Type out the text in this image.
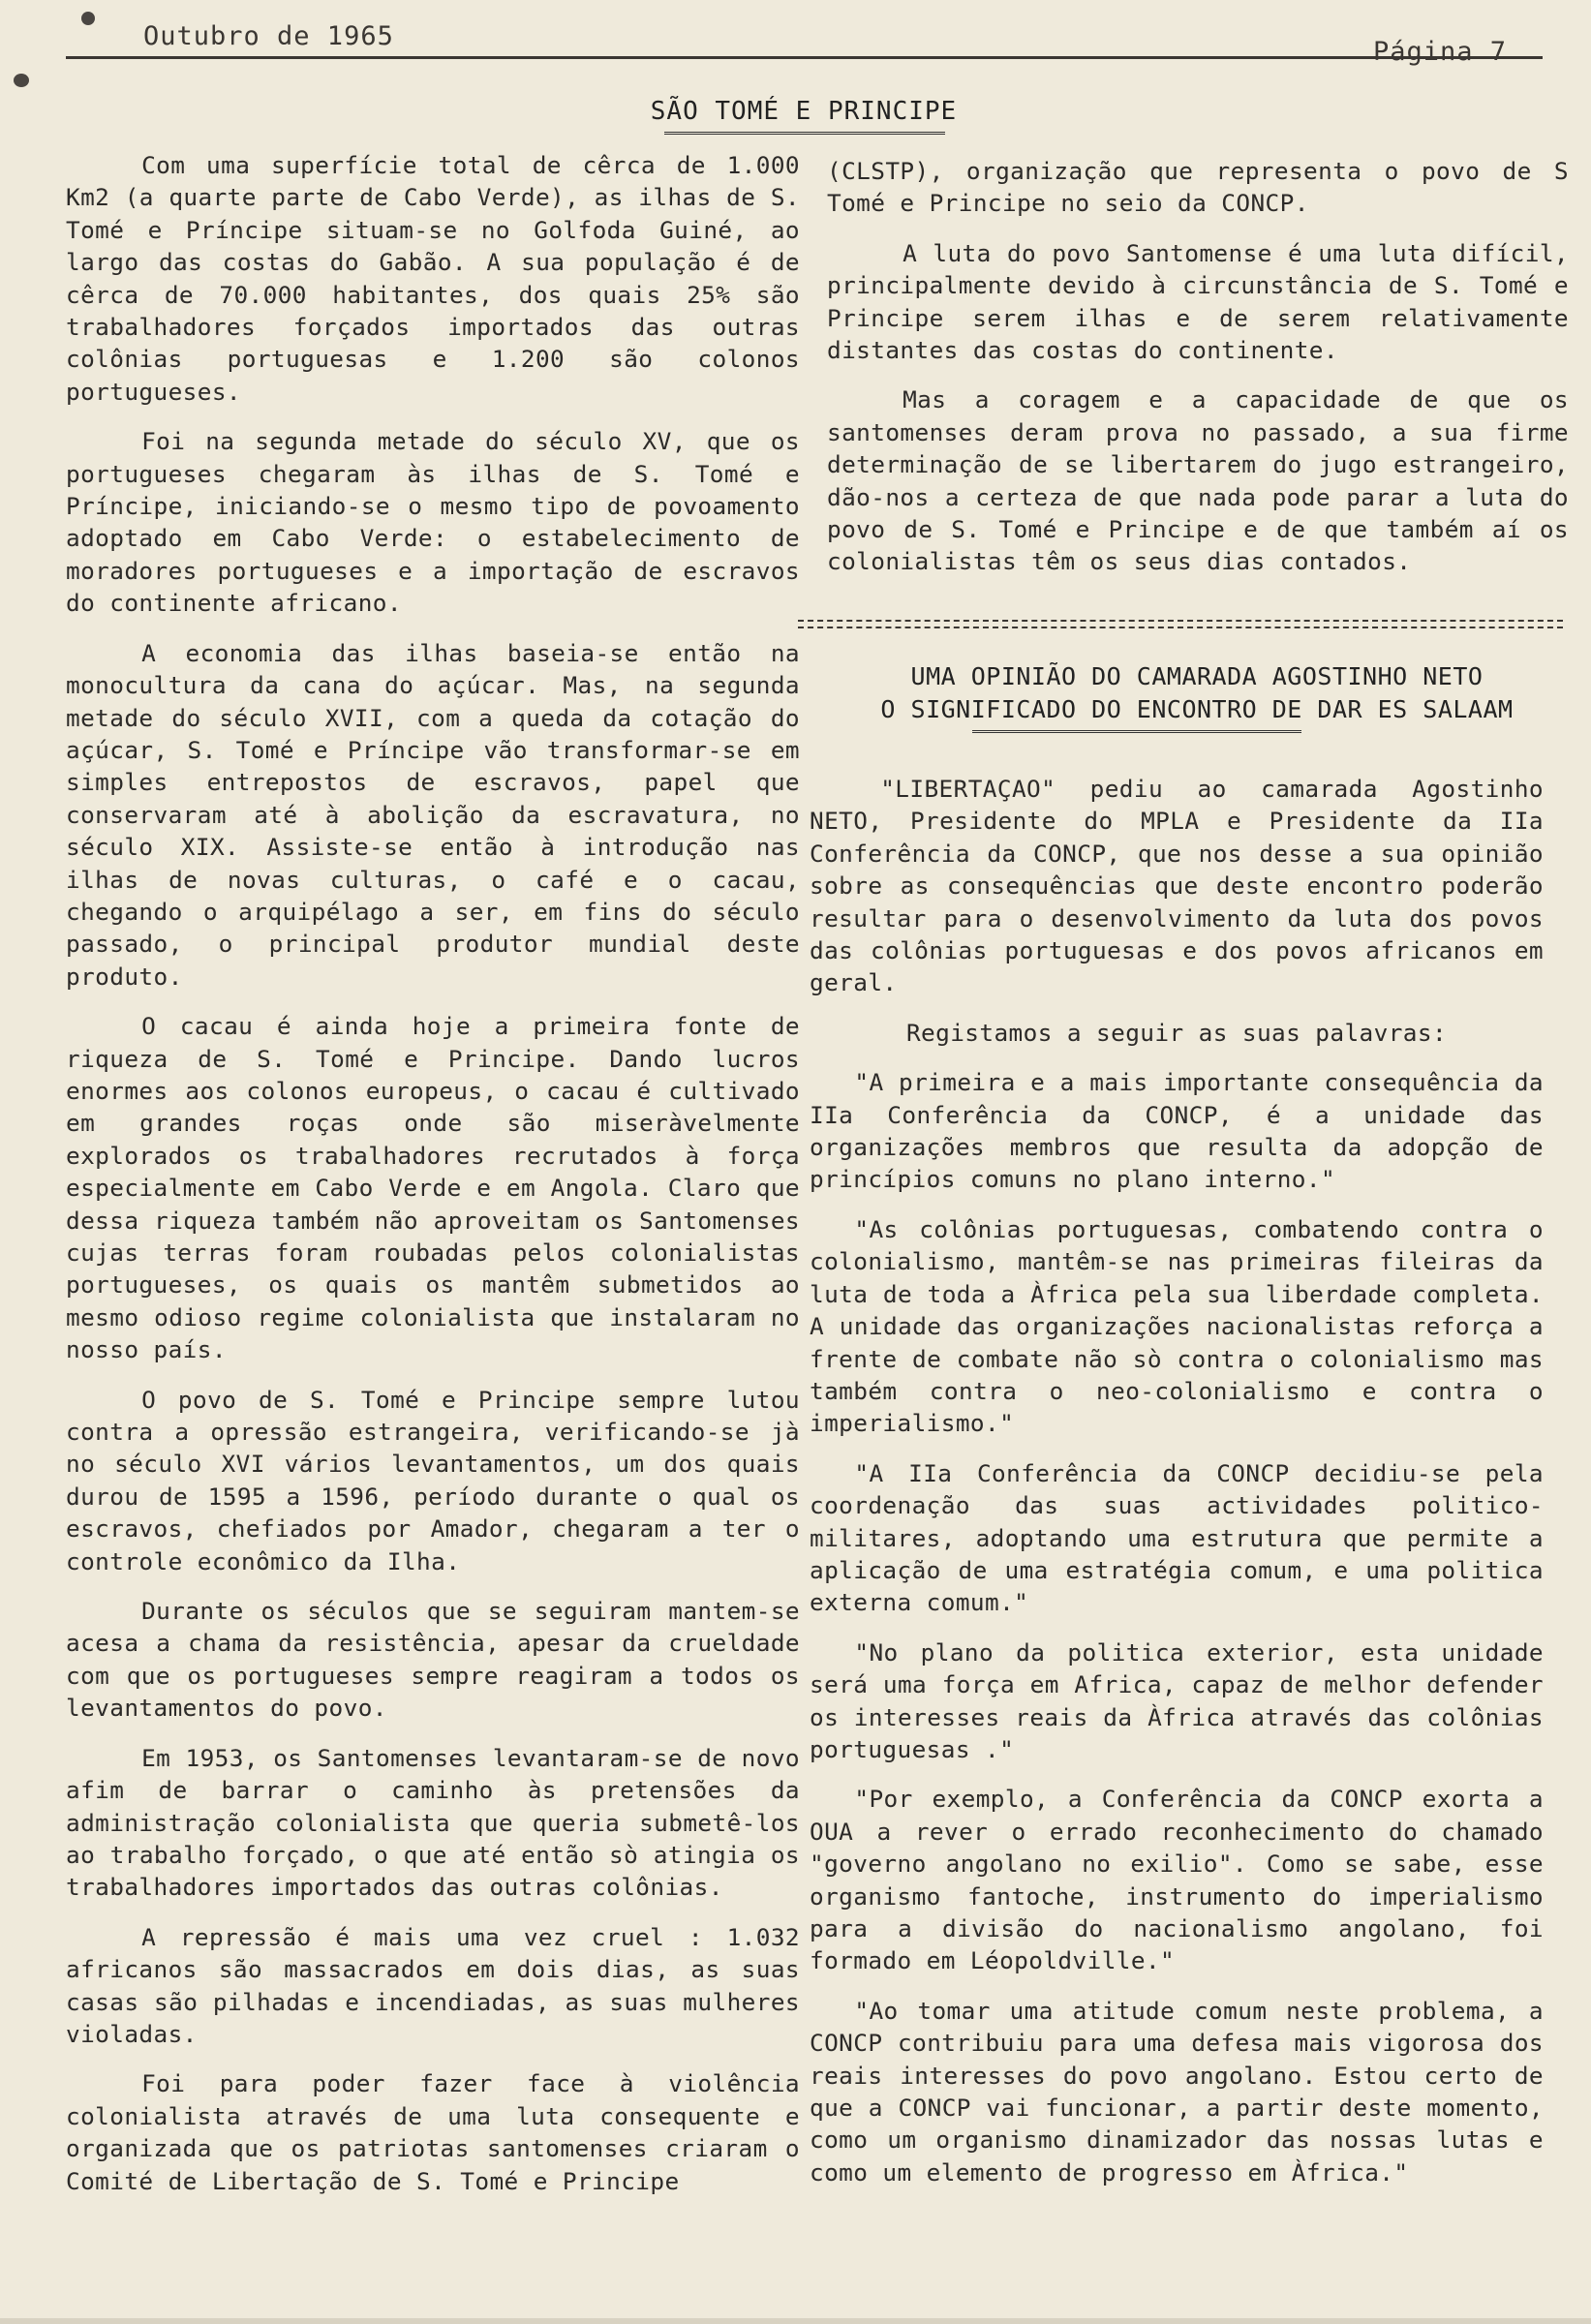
Outubro de 1965
Página 7
SÃO TOMÉ E PRINCIPE

Com uma superfície total de cêrca de 1.000 Km2 (a quarte parte de Cabo Verde), as ilhas de S. Tomé e Príncipe situam-se no Golfoda Guiné, ao largo das costas do Gabão. A sua população é de cêrca de 70.000 habitantes, dos quais 25% são trabalhadores forçados importados das outras colônias portuguesas e 1.200 são colonos portugueses.

Foi na segunda metade do século XV, que os portugueses chegaram às ilhas de S. Tomé e Príncipe, iniciando-se o mesmo tipo de povoamento adoptado em Cabo Verde: o estabelecimento de moradores portugueses e a importação de escravos do continente africano.

A economia das ilhas baseia-se então na monocultura da cana do açúcar. Mas, na segunda metade do século XVII, com a queda da cotação do açúcar, S. Tomé e Príncipe vão transformar-se em simples entrepostos de escravos, papel que conservaram até à abolição da escravatura, no século XIX. Assiste-se então à introdução nas ilhas de novas culturas, o café e o cacau, chegando o arquipélago a ser, em fins do século passado, o principal produtor mundial deste produto.

O cacau é ainda hoje a primeira fonte de riqueza de S. Tomé e Principe. Dando lucros enormes aos colonos europeus, o cacau é cultivado em grandes roças onde são miseràvelmente explorados os trabalhadores recrutados à força especialmente em Cabo Verde e em Angola. Claro que dessa riqueza também não aproveitam os Santomenses cujas terras foram roubadas pelos colonialistas portugueses, os quais os mantêm submetidos ao mesmo odioso regime colonialista que instalaram no nosso país.

O povo de S. Tomé e Principe sempre lutou contra a opressão estrangeira, verificando-se jà no século XVI vários levantamentos, um dos quais durou de 1595 a 1596, período durante o qual os escravos, chefiados por Amador, chegaram a ter o controle econômico da Ilha.

Durante os séculos que se seguiram mantem-se acesa a chama da resistência, apesar da crueldade com que os portugueses sempre reagiram a todos os levantamentos do povo.

Em 1953, os Santomenses levantaram-se de novo afim de barrar o caminho às pretensões da administração colonialista que queria submetê-los ao trabalho forçado, o que até então sò atingia os trabalhadores importados das outras colônias.

A repressão é mais uma vez cruel : 1.032 africanos são massacrados em dois dias, as suas casas são pilhadas e incendiadas, as suas mulheres violadas.

Foi para poder fazer face à violência colonialista através de uma luta consequente e organizada que os patriotas santomenses criaram o Comité de Libertação de S. Tomé e Principe

(CLSTP), organização que representa o povo de S Tomé e Principe no seio da CONCP.

A luta do povo Santomense é uma luta difícil, principalmente devido à circunstância de S. Tomé e Principe serem ilhas e de serem relativamente distantes das costas do continente.

Mas a coragem e a capacidade de que os santomenses deram prova no passado, a sua firme determinação de se libertarem do jugo estrangeiro, dão-nos a certeza de que nada pode parar a luta do povo de S. Tomé e Principe e de que também aí os colonialistas têm os seus dias contados.

UMA OPINIÃO DO CAMARADA AGOSTINHO NETO
O SIGNIFICADO DO ENCONTRO DE DAR ES SALAAM

"LIBERTAÇAO" pediu ao camarada Agostinho NETO, Presidente do MPLA e Presidente da IIa Conferência da CONCP, que nos desse a sua opinião sobre as consequências que deste encontro poderão resultar para o desenvolvimento da luta dos povos das colônias portuguesas e dos povos africanos em geral.

Registamos a seguir as suas palavras:

"A primeira e a mais importante consequência da IIa Conferência da CONCP, é a unidade das organizações membros que resulta da adopção de princípios comuns no plano interno."

"As colônias portuguesas, combatendo contra o colonialismo, mantêm-se nas primeiras fileiras da luta de toda a Àfrica pela sua liberdade completa. A unidade das organizações nacionalistas reforça a frente de combate não sò contra o colonialismo mas também contra o neo-colonialismo e contra o imperialismo."

"A IIa Conferência da CONCP decidiu-se pela coordenação das suas actividades politico-militares, adoptando uma estrutura que permite a aplicação de uma estratégia comum, e uma politica externa comum."

"No plano da politica exterior, esta unidade será uma força em Africa, capaz de melhor defender os interesses reais da Àfrica através das colônias portuguesas ."

"Por exemplo, a Conferência da CONCP exorta a OUA a rever o errado reconhecimento do chamado "governo angolano no exilio". Como se sabe, esse organismo fantoche, instrumento do imperialismo para a divisão do nacionalismo angolano, foi formado em Léopoldville."

"Ao tomar uma atitude comum neste problema, a CONCP contribuiu para uma defesa mais vigorosa dos reais interesses do povo angolano. Estou certo de que a CONCP vai funcionar, a partir deste momento, como um organismo dinamizador das nossas lutas e como um elemento de progresso em Àfrica."
